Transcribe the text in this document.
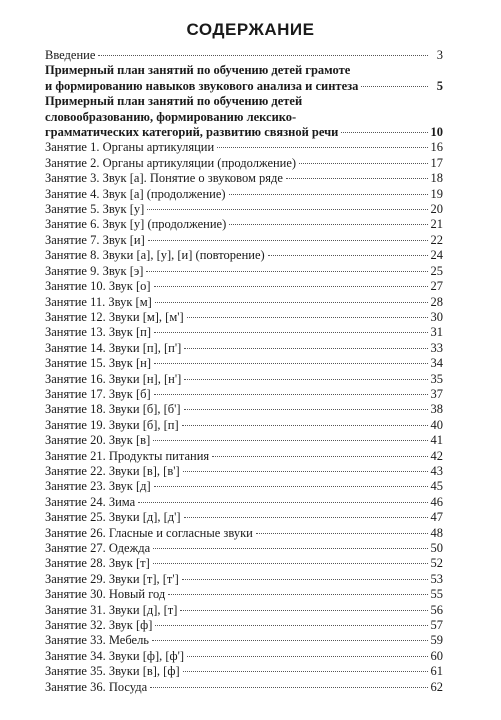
СОДЕРЖАНИЕ
Введение	3
Примерный план занятий по обучению детей грамоте
и формированию навыков звукового анализа и синтеза	5
Примерный план занятий по обучению детей
словообразованию, формированию лексико-
грамматических категорий, развитию связной речи	10
Занятие 1. Органы артикуляции	16
Занятие 2. Органы артикуляции (продолжение)	17
Занятие 3. Звук [а]. Понятие о звуковом ряде	18
Занятие 4. Звук [а] (продолжение)	19
Занятие 5. Звук [у]	20
Занятие 6. Звук [у] (продолжение)	21
Занятие 7. Звук [и]	22
Занятие 8. Звуки [а], [у], [и] (повторение)	24
Занятие 9. Звук [э]	25
Занятие 10. Звук [о]	27
Занятие 11. Звук [м]	28
Занятие 12. Звуки [м], [м']	30
Занятие 13. Звук [п]	31
Занятие 14. Звуки [п], [п']	33
Занятие 15. Звук [н]	34
Занятие 16. Звуки [н], [н']	35
Занятие 17. Звук [б]	37
Занятие 18. Звуки [б], [б']	38
Занятие 19. Звуки [б], [п]	40
Занятие 20. Звук [в]	41
Занятие 21. Продукты питания	42
Занятие 22. Звуки [в], [в']	43
Занятие 23. Звук [д]	45
Занятие 24. Зима	46
Занятие 25. Звуки [д], [д']	47
Занятие 26. Гласные и согласные звуки	48
Занятие 27. Одежда	50
Занятие 28. Звук [т]	52
Занятие 29. Звуки [т], [т']	53
Занятие 30. Новый год	55
Занятие 31. Звуки [д], [т]	56
Занятие 32. Звук [ф]	57
Занятие 33. Мебель	59
Занятие 34. Звуки [ф], [ф']	60
Занятие 35. Звуки [в], [ф]	61
Занятие 36. Посуда	62
